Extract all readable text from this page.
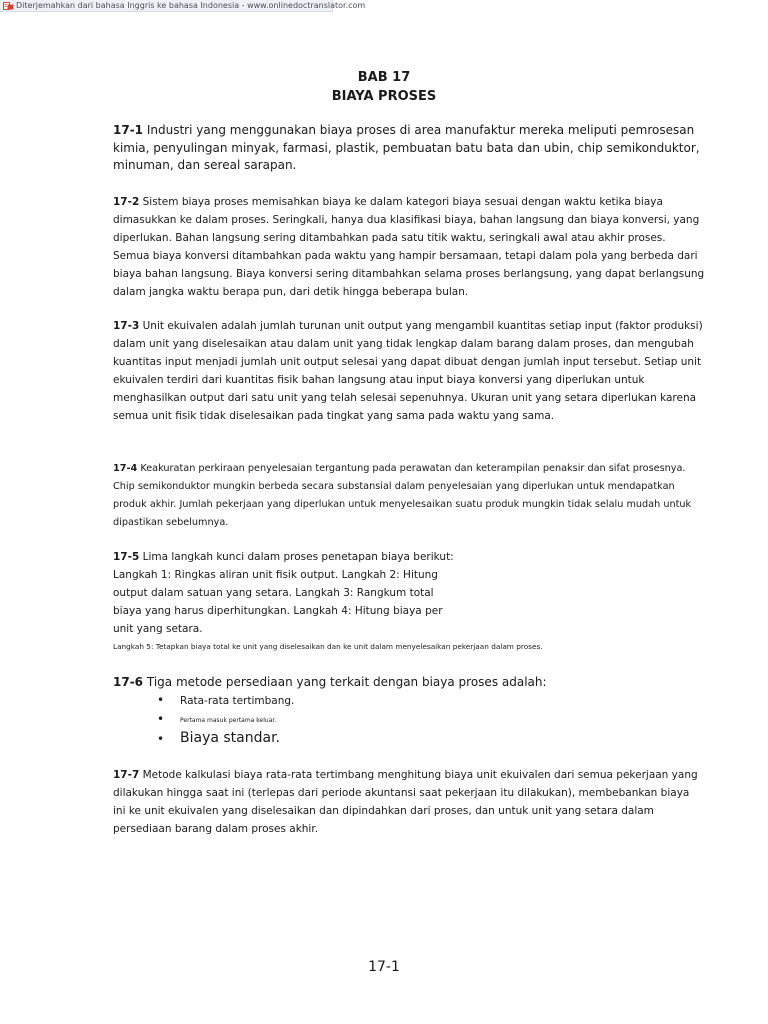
Diterjemahkan dari bahasa Inggris ke bahasa Indonesia - www.onlinedoctranslator.com
BAB 17
BIAYA PROSES

17-1 Industri yang menggunakan biaya proses di area manufaktur mereka meliputi pemrosesan kimia, penyulingan minyak, farmasi, plastik, pembuatan batu bata dan ubin, chip semikonduktor, minuman, dan sereal sarapan.

17-2 Sistem biaya proses memisahkan biaya ke dalam kategori biaya sesuai dengan waktu ketika biaya dimasukkan ke dalam proses. Seringkali, hanya dua klasifikasi biaya, bahan langsung dan biaya konversi, yang diperlukan. Bahan langsung sering ditambahkan pada satu titik waktu, seringkali awal atau akhir proses. Semua biaya konversi ditambahkan pada waktu yang hampir bersamaan, tetapi dalam pola yang berbeda dari biaya bahan langsung. Biaya konversi sering ditambahkan selama proses berlangsung, yang dapat berlangsung dalam jangka waktu berapa pun, dari detik hingga beberapa bulan.

17-3 Unit ekuivalen adalah jumlah turunan unit output yang mengambil kuantitas setiap input (faktor produksi) dalam unit yang diselesaikan atau dalam unit yang tidak lengkap dalam barang dalam proses, dan mengubah kuantitas input menjadi jumlah unit output selesai yang dapat dibuat dengan jumlah input tersebut. Setiap unit ekuivalen terdiri dari kuantitas fisik bahan langsung atau input biaya konversi yang diperlukan untuk menghasilkan output dari satu unit yang telah selesai sepenuhnya. Ukuran unit yang setara diperlukan karena semua unit fisik tidak diselesaikan pada tingkat yang sama pada waktu yang sama.

17-4 Keakuratan perkiraan penyelesaian tergantung pada perawatan dan keterampilan penaksir dan sifat prosesnya. Chip semikonduktor mungkin berbeda secara substansial dalam penyelesaian yang diperlukan untuk mendapatkan produk akhir. Jumlah pekerjaan yang diperlukan untuk menyelesaikan suatu produk mungkin tidak selalu mudah untuk dipastikan sebelumnya.

17-5 Lima langkah kunci dalam proses penetapan biaya berikut:
Langkah 1: Ringkas aliran unit fisik output. Langkah 2: Hitung
output dalam satuan yang setara. Langkah 3: Rangkum total
biaya yang harus diperhitungkan. Langkah 4: Hitung biaya per
unit yang setara.
Langkah 5: Tetapkan biaya total ke unit yang diselesaikan dan ke unit dalam menyelesaikan pekerjaan dalam proses.

17-6 Tiga metode persediaan yang terkait dengan biaya proses adalah:

• Rata-rata tertimbang.
•	Pertama masuk pertama keluar.
• Biaya standar.

17-7 Metode kalkulasi biaya rata-rata tertimbang menghitung biaya unit ekuivalen dari semua pekerjaan yang dilakukan hingga saat ini (terlepas dari periode akuntansi saat pekerjaan itu dilakukan), membebankan biaya ini ke unit ekuivalen yang diselesaikan dan dipindahkan dari proses, dan untuk unit yang setara dalam persediaan barang dalam proses akhir.

17-1
